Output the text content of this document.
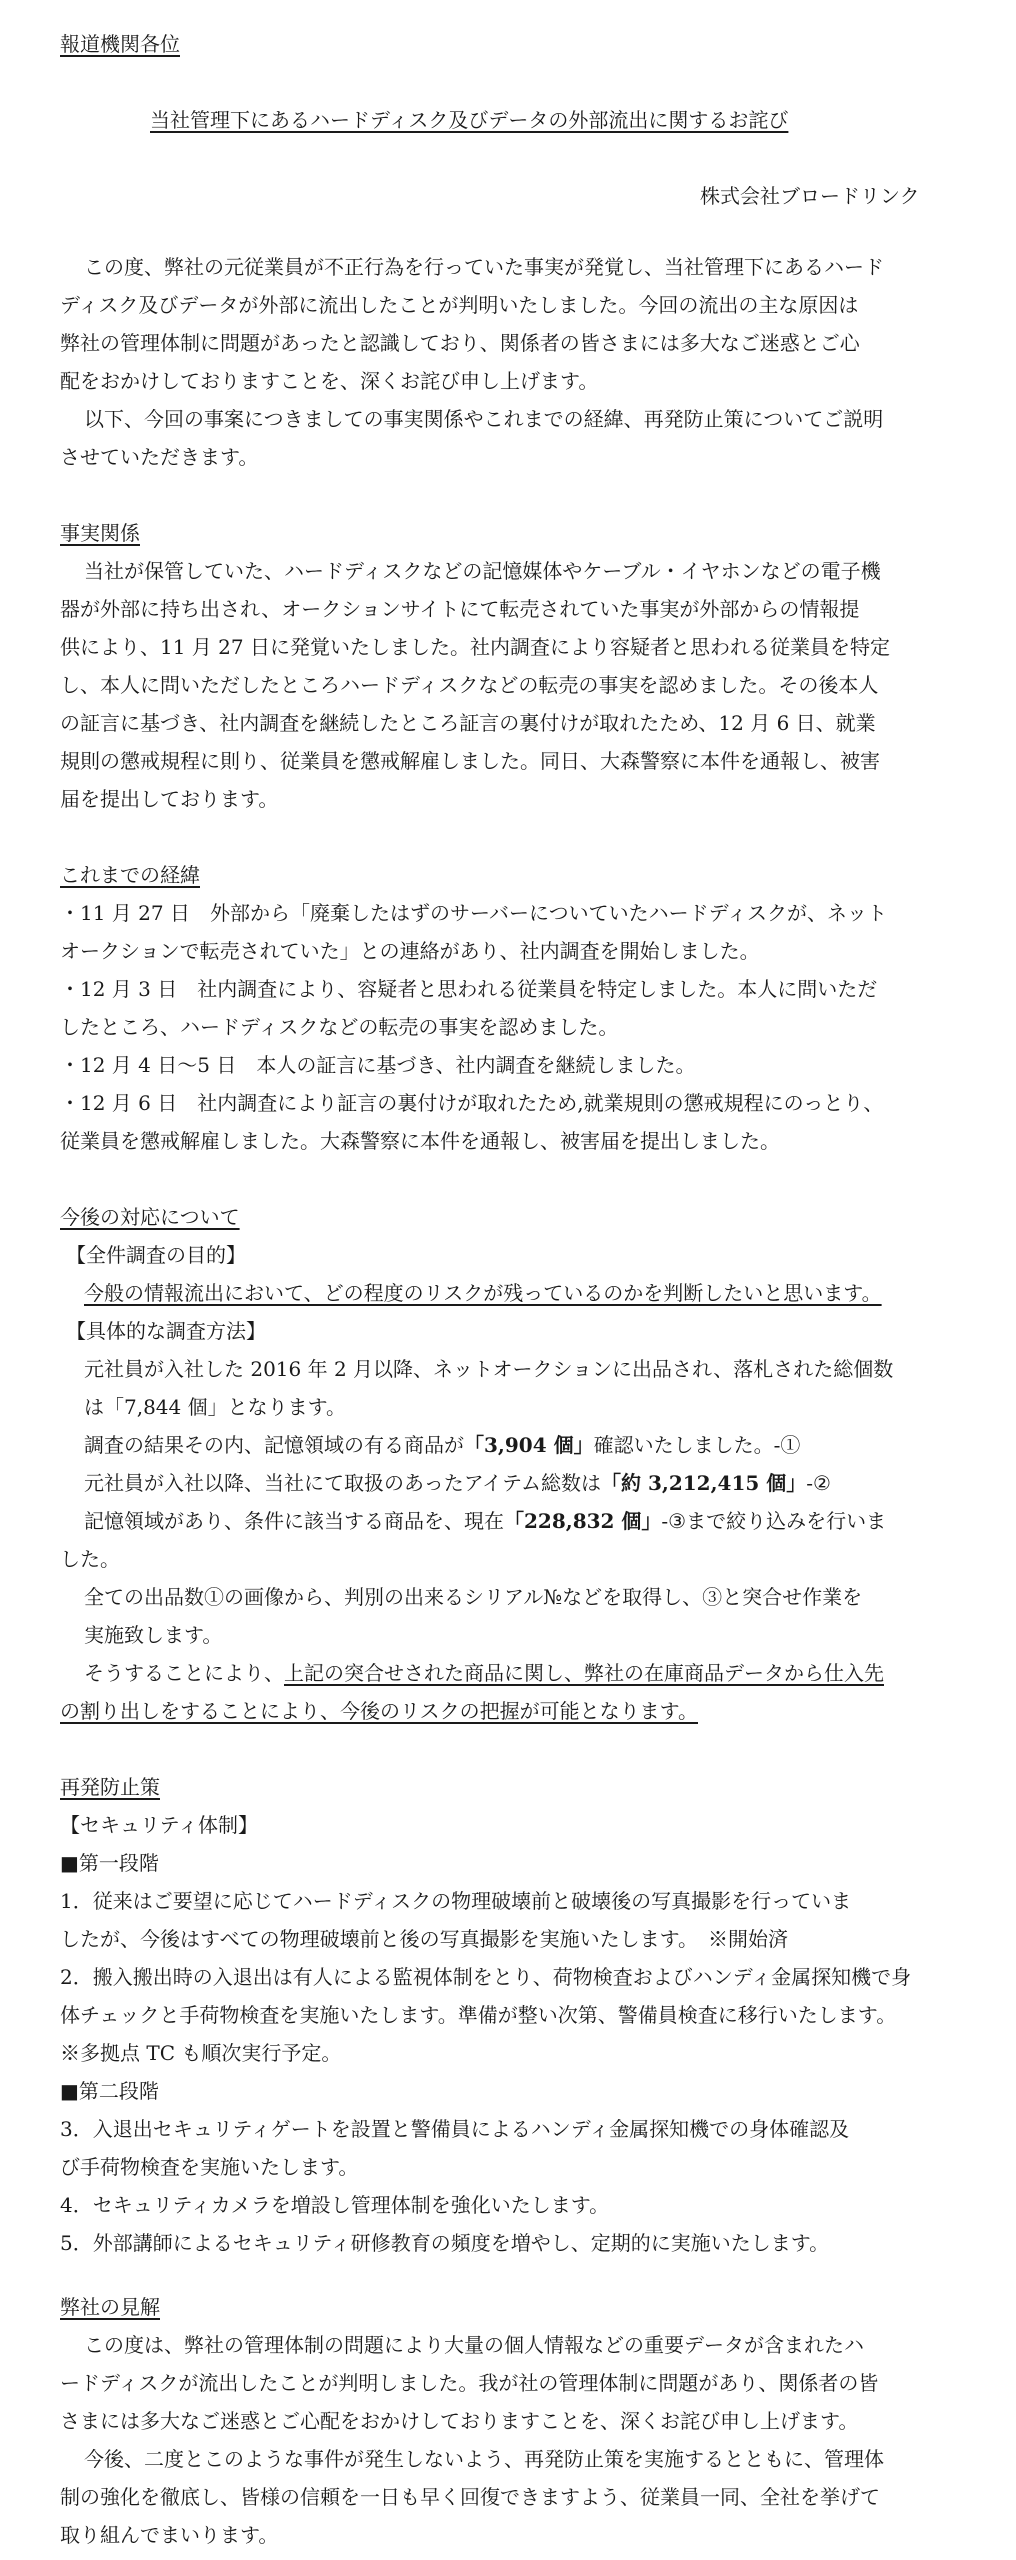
報道機関各位
当社管理下にあるハードディスク及びデータの外部流出に関するお詫び
株式会社ブロードリンク
この度、弊社の元従業員が不正行為を行っていた事実が発覚し、当社管理下にあるハード
ディスク及びデータが外部に流出したことが判明いたしました。今回の流出の主な原因は
弊社の管理体制に問題があったと認識しており、関係者の皆さまには多大なご迷惑とご心
配をおかけしておりますことを、深くお詫び申し上げます。
以下、今回の事案につきましての事実関係やこれまでの経緯、再発防止策についてご説明
させていただきます。
事実関係
当社が保管していた、ハードディスクなどの記憶媒体やケーブル・イヤホンなどの電子機
器が外部に持ち出され、オークションサイトにて転売されていた事実が外部からの情報提
供により、11 月 27 日に発覚いたしました。社内調査により容疑者と思われる従業員を特定
し、本人に問いただしたところハードディスクなどの転売の事実を認めました。その後本人
の証言に基づき、社内調査を継続したところ証言の裏付けが取れたため、12 月 6 日、就業
規則の懲戒規程に則り、従業員を懲戒解雇しました。同日、大森警察に本件を通報し、被害
届を提出しております。
これまでの経緯
・11 月 27 日　外部から「廃棄したはずのサーバーについていたハードディスクが、ネット
オークションで転売されていた」との連絡があり、社内調査を開始しました。
・12 月 3 日　社内調査により、容疑者と思われる従業員を特定しました。本人に問いただ
したところ、ハードディスクなどの転売の事実を認めました。
・12 月 4 日～5 日　本人の証言に基づき、社内調査を継続しました。
・12 月 6 日　社内調査により証言の裏付けが取れたため,就業規則の懲戒規程にのっとり、
従業員を懲戒解雇しました。大森警察に本件を通報し、被害届を提出しました。
今後の対応について
【全件調査の目的】
今般の情報流出において、どの程度のリスクが残っているのかを判断したいと思います。
【具体的な調査方法】
元社員が入社した 2016 年 2 月以降、ネットオークションに出品され、落札された総個数
は「7,844 個」となります。
調査の結果その内、記憶領域の有る商品が「3,904 個」確認いたしました。-①
元社員が入社以降、当社にて取扱のあったアイテム総数は「約 3,212,415 個」-②
記憶領域があり、条件に該当する商品を、現在「228,832 個」-③まで絞り込みを行いま
した。
全ての出品数①の画像から、判別の出来るシリアル№などを取得し、③と突合せ作業を
実施致します。
そうすることにより、上記の突合せされた商品に関し、弊社の在庫商品データから仕入先
の割り出しをすることにより、今後のリスクの把握が可能となります。
再発防止策
【セキュリティ体制】
■第一段階
1．従来はご要望に応じてハードディスクの物理破壊前と破壊後の写真撮影を行っていま
したが、今後はすべての物理破壊前と後の写真撮影を実施いたします。　※開始済
2．搬入搬出時の入退出は有人による監視体制をとり、荷物検査およびハンディ金属探知機で身
体チェックと手荷物検査を実施いたします。準備が整い次第、警備員検査に移行いたします。
※多拠点 TC も順次実行予定。
■第二段階
3．入退出セキュリティゲートを設置と警備員によるハンディ金属探知機での身体確認及
び手荷物検査を実施いたします。
4．セキュリティカメラを増設し管理体制を強化いたします。
5．外部講師によるセキュリティ研修教育の頻度を増やし、定期的に実施いたします。
弊社の見解
この度は、弊社の管理体制の問題により大量の個人情報などの重要データが含まれたハ
ードディスクが流出したことが判明しました。我が社の管理体制に問題があり、関係者の皆
さまには多大なご迷惑とご心配をおかけしておりますことを、深くお詫び申し上げます。
今後、二度とこのような事件が発生しないよう、再発防止策を実施するとともに、管理体
制の強化を徹底し、皆様の信頼を一日も早く回復できますよう、従業員一同、全社を挙げて
取り組んでまいります。
